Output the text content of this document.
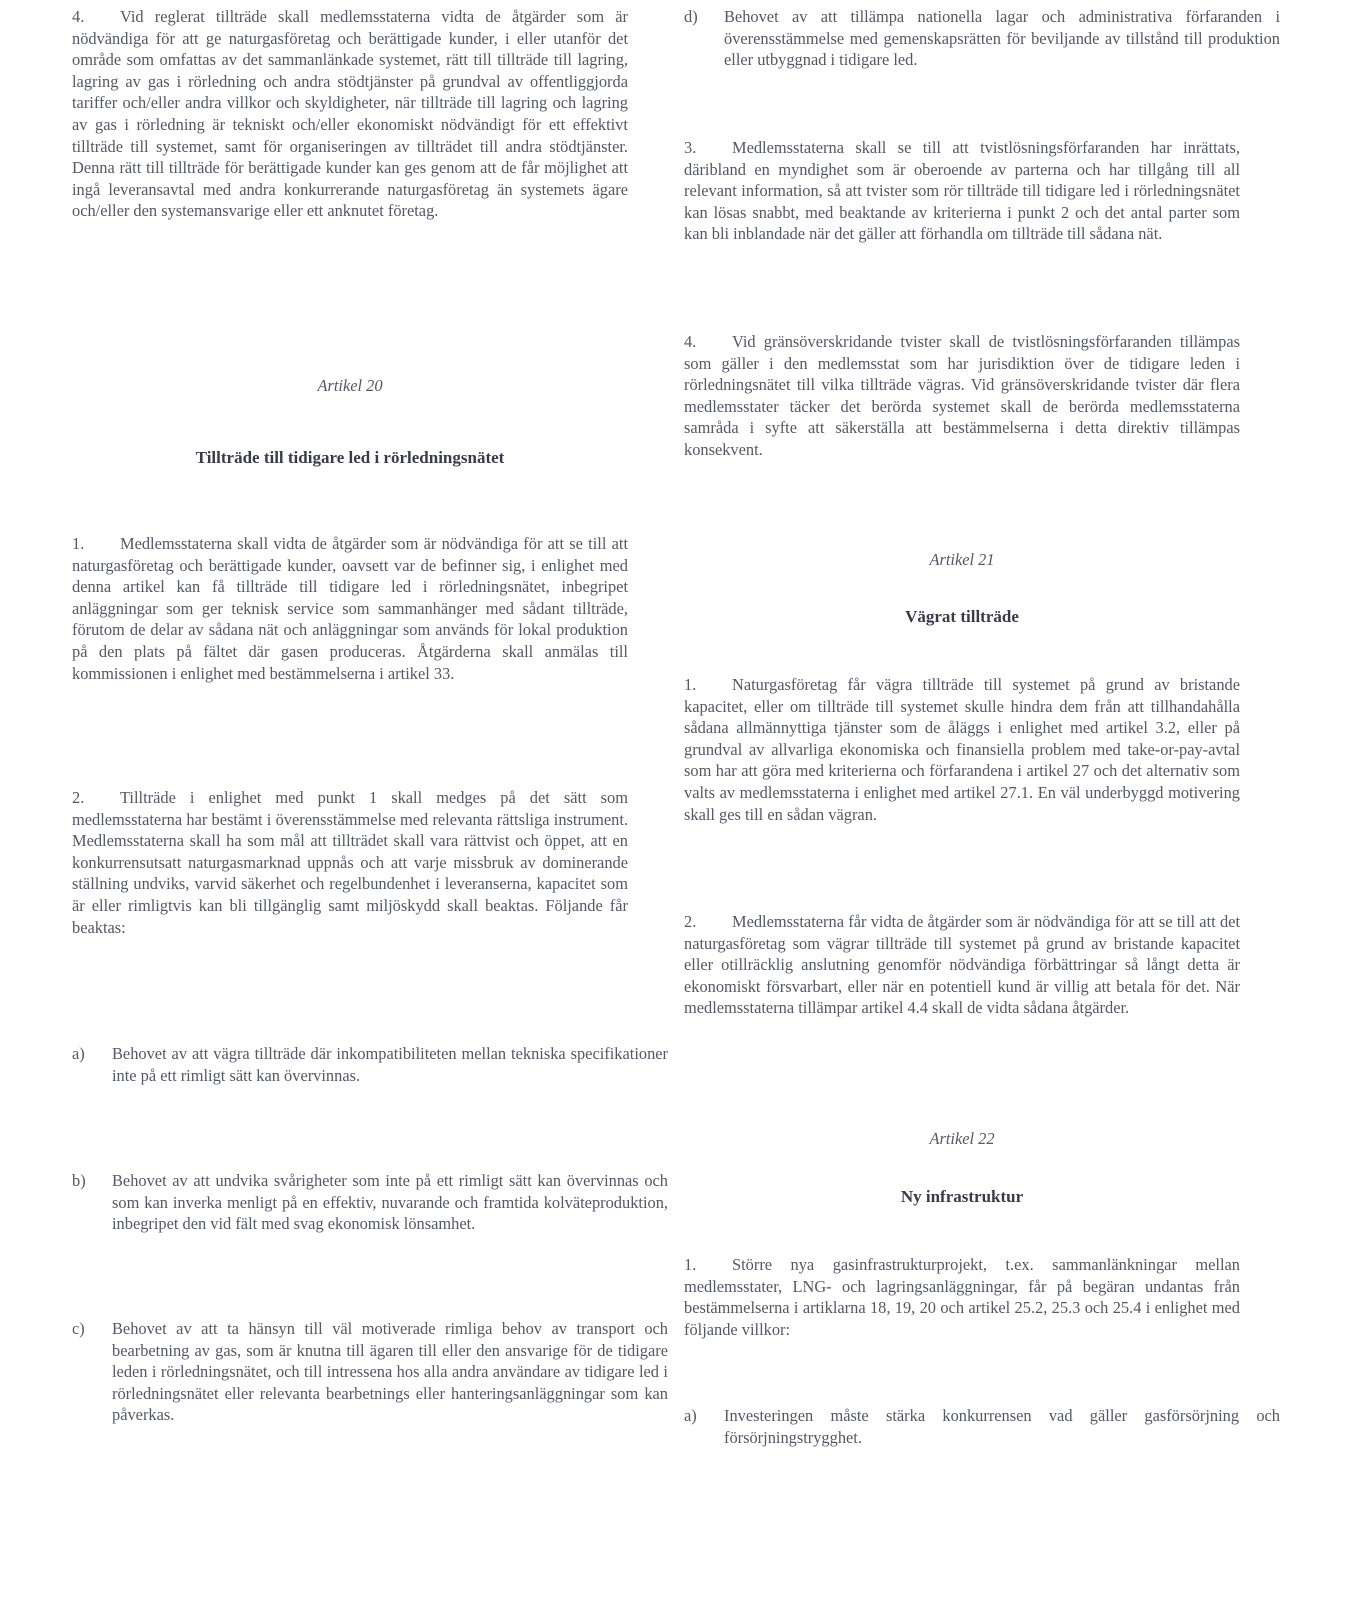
4. Vid reglerat tillträde skall medlemsstaterna vidta de åtgärder som är nödvändiga för att ge naturgasföretag och berättigade kunder, i eller utanför det område som omfattas av det sammanlänkade systemet, rätt till tillträde till lagring, lagring av gas i rörledning och andra stödtjänster på grundval av offentliggjorda tariffer och/eller andra villkor och skyldigheter, när tillträde till lagring och lagring av gas i rörledning är tekniskt och/eller ekonomiskt nödvändigt för ett effektivt tillträde till systemet, samt för organiseringen av tillträdet till andra stödtjänster. Denna rätt till tillträde för berättigade kunder kan ges genom att de får möjlighet att ingå leveransavtal med andra konkurrerande naturgasföretag än systemets ägare och/eller den systemansvarige eller ett anknutet företag.
Artikel 20
Tillträde till tidigare led i rörledningsnätet
1. Medlemsstaterna skall vidta de åtgärder som är nödvändiga för att se till att naturgasföretag och berättigade kunder, oavsett var de befinner sig, i enlighet med denna artikel kan få tillträde till tidigare led i rörledningsnätet, inbegripet anläggningar som ger teknisk service som sammanhänger med sådant tillträde, förutom de delar av sådana nät och anläggningar som används för lokal produktion på den plats på fältet där gasen produceras. Åtgärderna skall anmälas till kommissionen i enlighet med bestämmelserna i artikel 33.
2. Tillträde i enlighet med punkt 1 skall medges på det sätt som medlemsstaterna har bestämt i överensstämmelse med relevanta rättsliga instrument. Medlemsstaterna skall ha som mål att tillträdet skall vara rättvist och öppet, att en konkurrensutsatt naturgasmarknad uppnås och att varje missbruk av dominerande ställning undviks, varvid säkerhet och regelbundenhet i leveranserna, kapacitet som är eller rimligtvis kan bli tillgänglig samt miljöskydd skall beaktas. Följande får beaktas:
a) Behovet av att vägra tillträde där inkompatibiliteten mellan tekniska specifikationer inte på ett rimligt sätt kan övervinnas.
b) Behovet av att undvika svårigheter som inte på ett rimligt sätt kan övervinnas och som kan inverka menligt på en effektiv, nuvarande och framtida kolväteproduktion, inbegripet den vid fält med svag ekonomisk lönsamhet.
c) Behovet av att ta hänsyn till väl motiverade rimliga behov av transport och bearbetning av gas, som är knutna till ägaren till eller den ansvarige för de tidigare leden i rörledningsnätet, och till intressena hos alla andra användare av tidigare led i rörledningsnätet eller relevanta bearbetnings eller hanteringsanläggningar som kan påverkas.
d) Behovet av att tillämpa nationella lagar och administrativa förfaranden i överensstämmelse med gemenskapsrätten för beviljande av tillstånd till produktion eller utbyggnad i tidigare led.
3. Medlemsstaterna skall se till att tvistlösningsförfaranden har inrättats, däribland en myndighet som är oberoende av parterna och har tillgång till all relevant information, så att tvister som rör tillträde till tidigare led i rörledningsnätet kan lösas snabbt, med beaktande av kriterierna i punkt 2 och det antal parter som kan bli inblandade när det gäller att förhandla om tillträde till sådana nät.
4. Vid gränsöverskridande tvister skall de tvistlösningsförfaranden tillämpas som gäller i den medlemsstat som har jurisdiktion över de tidigare leden i rörledningsnätet till vilka tillträde vägras. Vid gränsöverskridande tvister där flera medlemsstater täcker det berörda systemet skall de berörda medlemsstaterna samråda i syfte att säkerställa att bestämmelserna i detta direktiv tillämpas konsekvent.
Artikel 21
Vägrat tillträde
1. Naturgasföretag får vägra tillträde till systemet på grund av bristande kapacitet, eller om tillträde till systemet skulle hindra dem från att tillhandahålla sådana allmännyttiga tjänster som de åläggs i enlighet med artikel 3.2, eller på grundval av allvarliga ekonomiska och finansiella problem med take-or-pay-avtal som har att göra med kriterierna och förfarandena i artikel 27 och det alternativ som valts av medlemsstaterna i enlighet med artikel 27.1. En väl underbyggd motivering skall ges till en sådan vägran.
2. Medlemsstaterna får vidta de åtgärder som är nödvändiga för att se till att det naturgasföretag som vägrar tillträde till systemet på grund av bristande kapacitet eller otillräcklig anslutning genomför nödvändiga förbättringar så långt detta är ekonomiskt försvarbart, eller när en potentiell kund är villig att betala för det. När medlemsstaterna tillämpar artikel 4.4 skall de vidta sådana åtgärder.
Artikel 22
Ny infrastruktur
1. Större nya gasinfrastrukturprojekt, t.ex. sammanlänkningar mellan medlemsstater, LNG- och lagringsanläggningar, får på begäran undantas från bestämmelserna i artiklarna 18, 19, 20 och artikel 25.2, 25.3 och 25.4 i enlighet med följande villkor:
a) Investeringen måste stärka konkurrensen vad gäller gasförsörjning och försörjningstrygghet.
